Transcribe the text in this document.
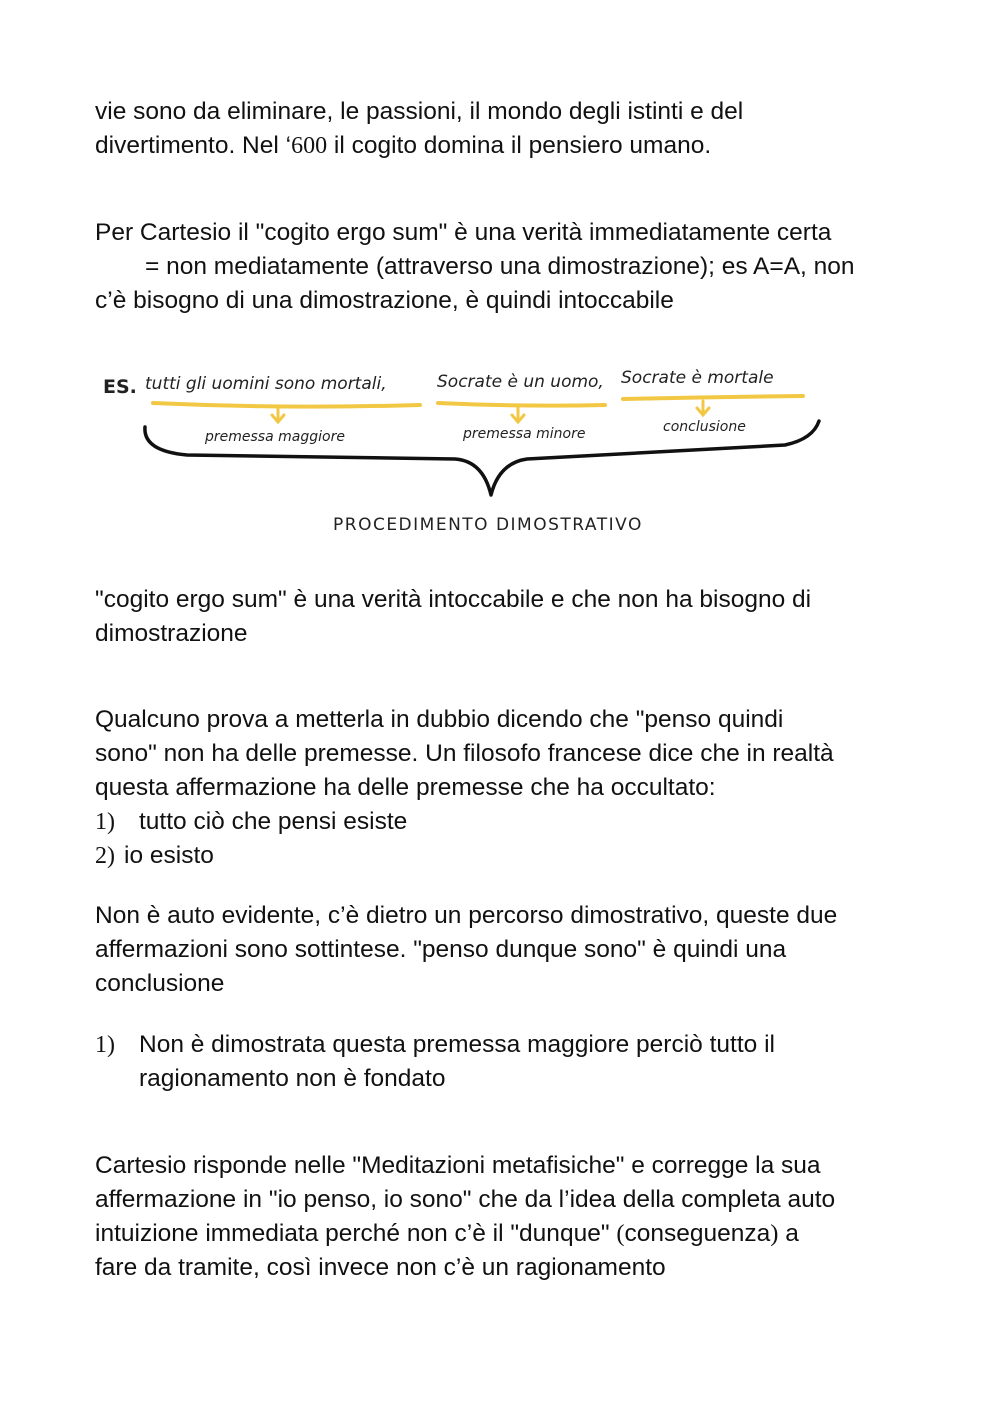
vie sono da eliminare, le passioni, il mondo degli istinti e del
divertimento. Nel ‘600 il cogito domina il pensiero umano.
Per Cartesio il "cogito ergo sum" è una verità immediatamente certa
= non mediatamente (attraverso una dimostrazione); es A=A, non
c’è bisogno di una dimostrazione, è quindi intoccabile
ES. tutti gli uomini sono mortali,	Socrate è un uomo, Socrate è mortale
premessa maggiore	premessa minore	conclusione
PROCEDIMENTO DIMOSTRATIVO
"cogito ergo sum" è una verità intoccabile e che non ha bisogno di
dimostrazione
Qualcuno prova a metterla in dubbio dicendo che "penso quindi
sono" non ha delle premesse. Un filosofo francese dice che in realtà
questa affermazione ha delle premesse che ha occultato:
1) tutto ciò che pensi esiste
2) io esisto
Non è auto evidente, c’è dietro un percorso dimostrativo, queste due
affermazioni sono sottintese. "penso dunque sono" è quindi una
conclusione
1) Non è dimostrata questa premessa maggiore perciò tutto il
ragionamento non è fondato
Cartesio risponde nelle "Meditazioni metafisiche" e corregge la sua
affermazione in "io penso, io sono" che da l’idea della completa auto
intuizione immediata perché non c’è il "dunque" (conseguenza) a
fare da tramite, così invece non c’è un ragionamento
